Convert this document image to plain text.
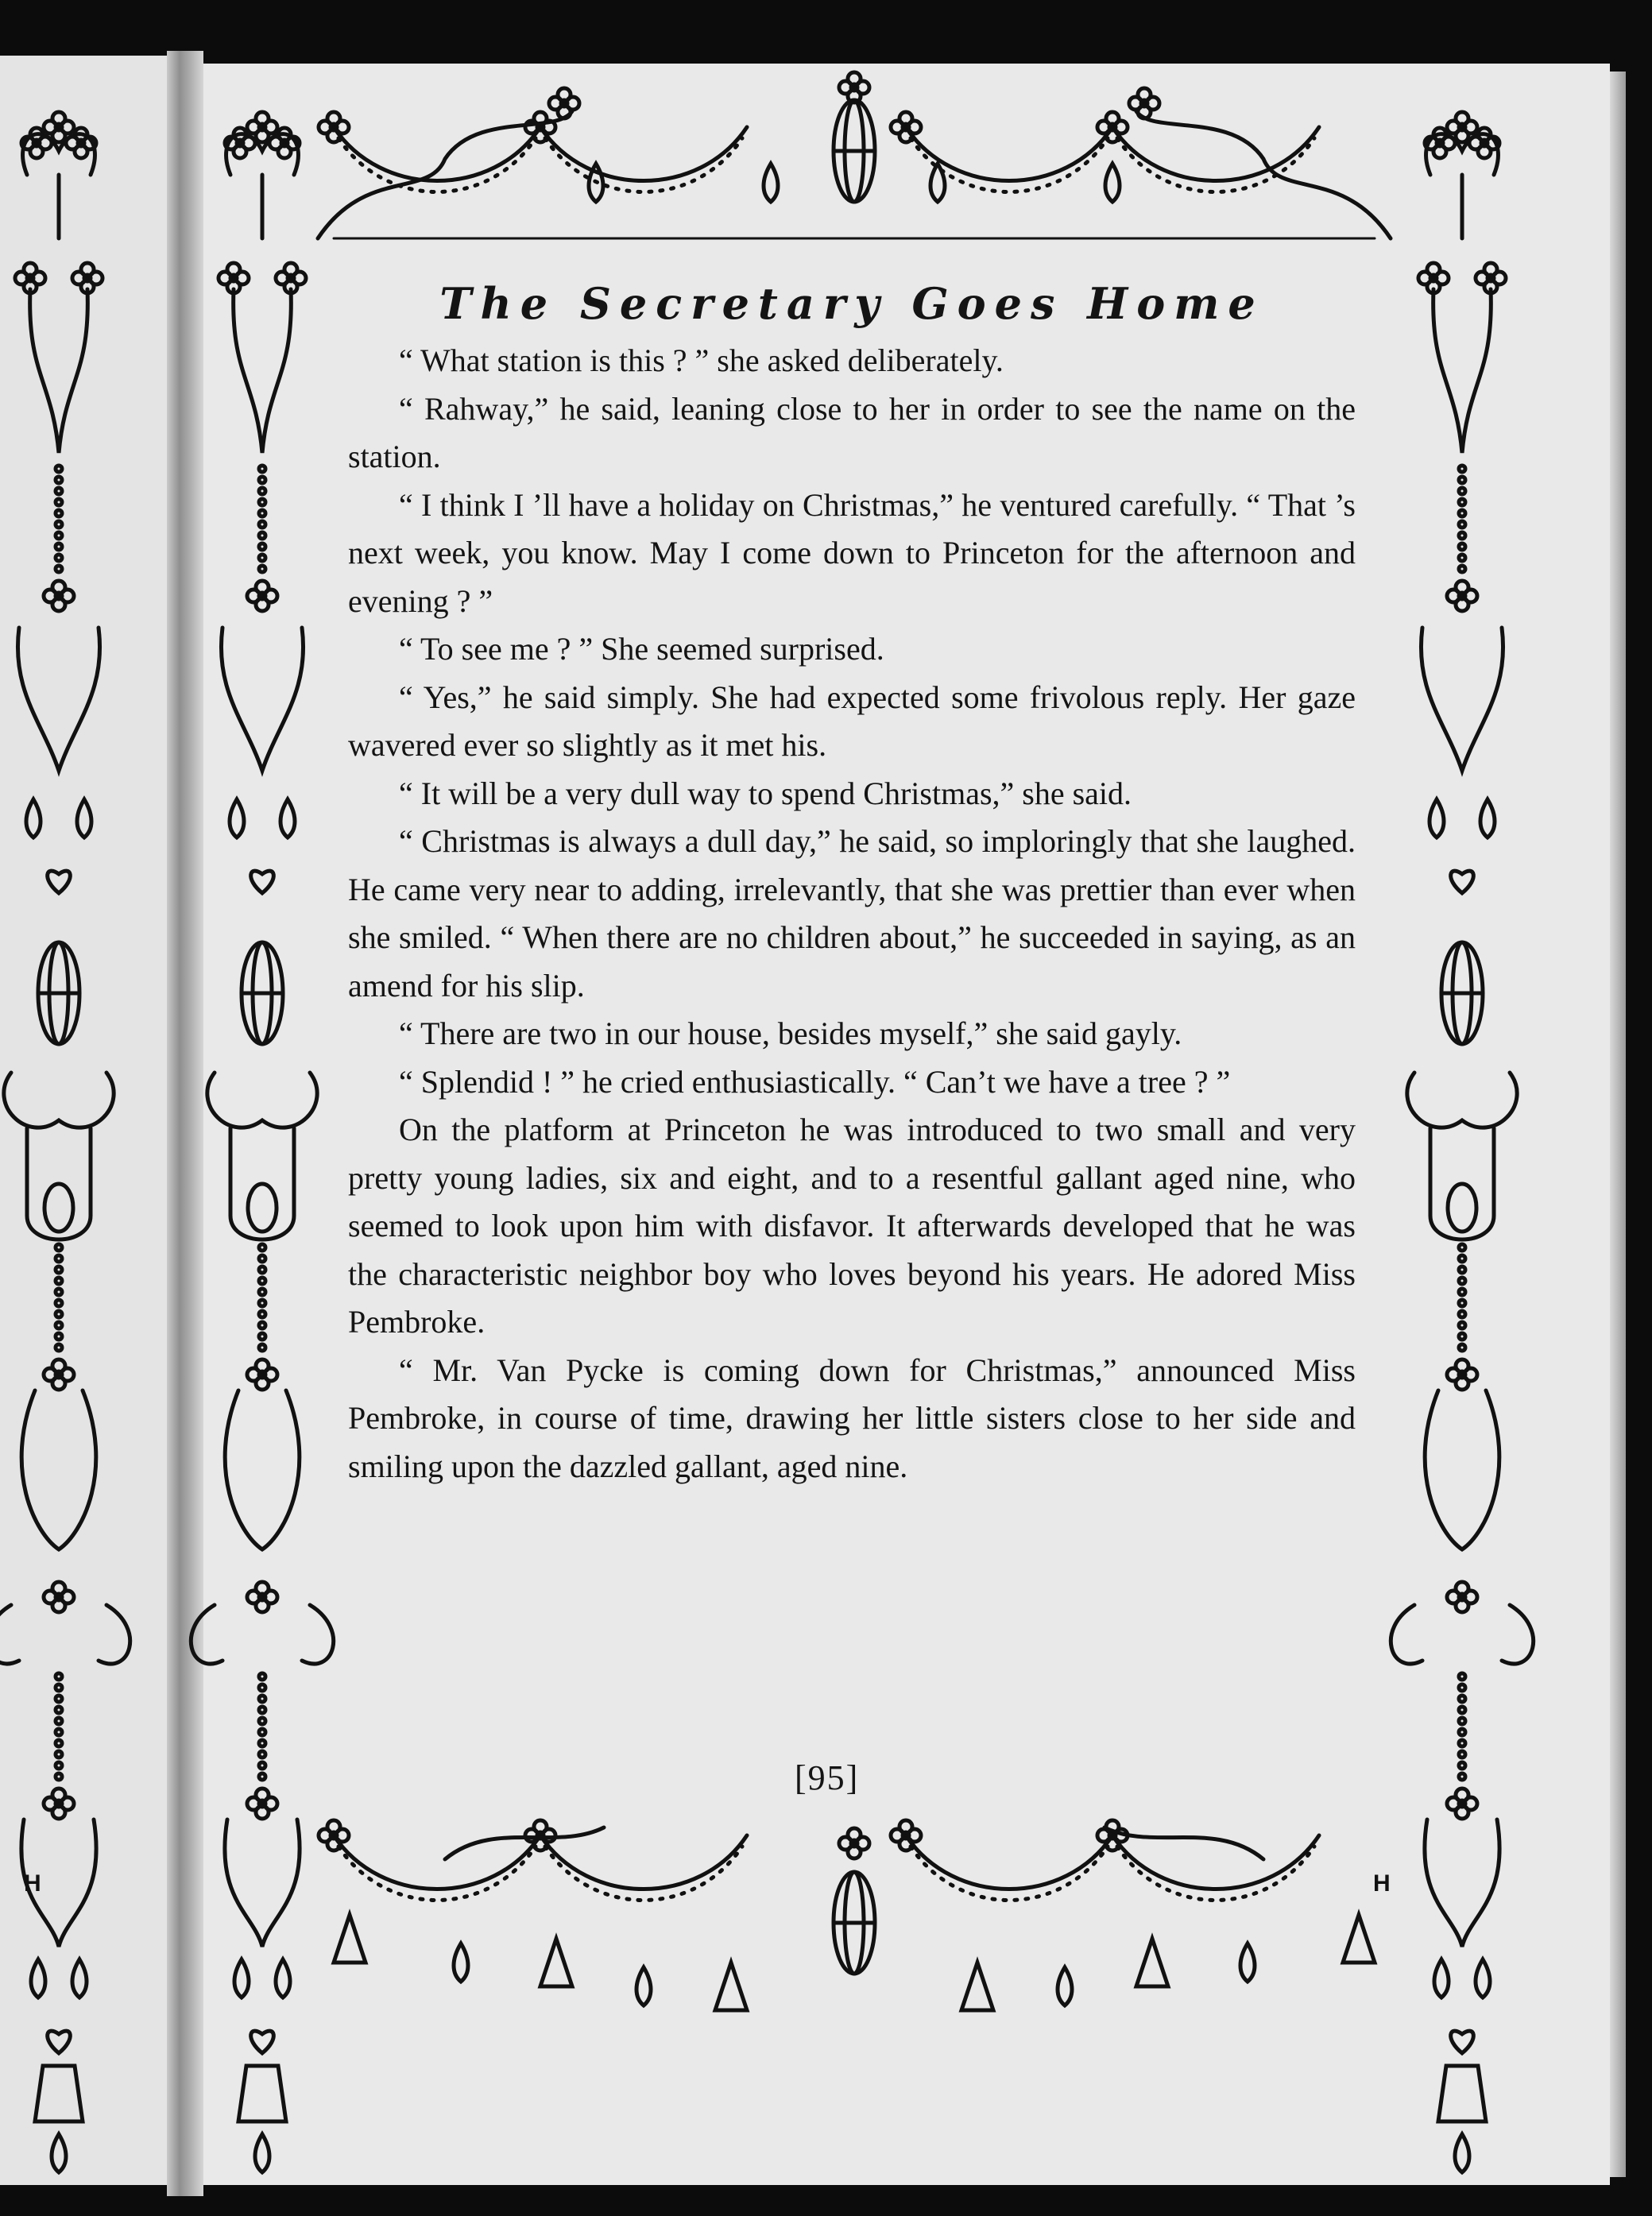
H	H
The Secretary Goes Home

“ What station is this ? ” she asked deliberately.

“ Rahway,” he said, leaning close to her in order to see the name on the station.

“ I think I ’ll have a holiday on Christmas,” he ventured carefully. “ That ’s next week, you know. May I come down to Princeton for the afternoon and evening ? ”

“ To see me ? ” She seemed surprised.

“ Yes,” he said simply. She had expected some frivolous reply. Her gaze wavered ever so slightly as it met his.

“ It will be a very dull way to spend Christmas,” she said.

“ Christmas is always a dull day,” he said, so imploringly that she laughed. He came very near to adding, irrelevantly, that she was prettier than ever when she smiled. “ When there are no children about,” he succeeded in saying, as an amend for his slip.

“ There are two in our house, besides myself,” she said gayly.

“ Splendid ! ” he cried enthusiastically. “ Can’t we have a tree ? ”

On the platform at Princeton he was introduced to two small and very pretty young ladies, six and eight, and to a resentful gallant aged nine, who seemed to look upon him with disfavor. It afterwards developed that he was the characteristic neighbor boy who loves beyond his years. He adored Miss Pembroke.

“ Mr. Van Pycke is coming down for Christmas,” announced Miss Pembroke, in course of time, drawing her little sisters close to her side and smiling upon the dazzled gallant, aged nine.

[95]
